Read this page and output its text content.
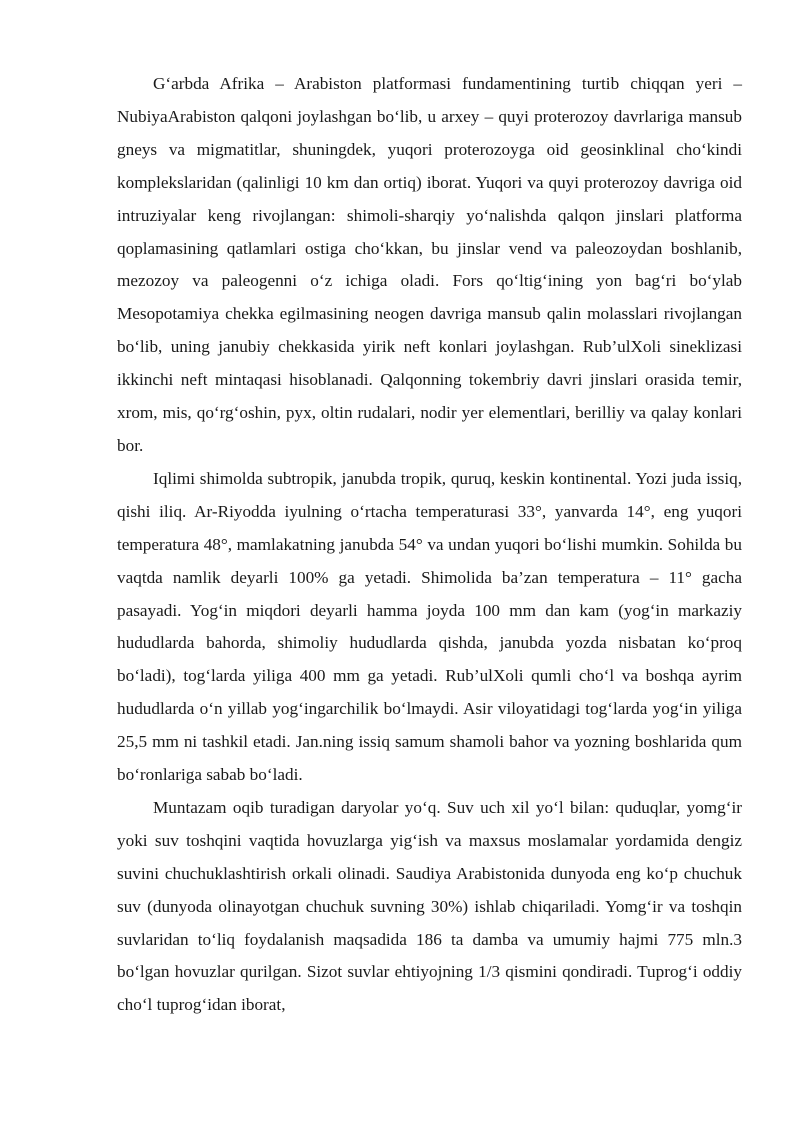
G‘arbda Afrika – Arabiston platformasi fundamentining turtib chiqqan yeri – NubiyaArabiston qalqoni joylashgan bo‘lib, u arxey – quyi proterozoy davrlariga mansub gneys va migmatitlar, shuningdek, yuqori proterozoyga oid geosinklinal cho‘kindi komplekslaridan (qalinligi 10 km dan ortiq) iborat. Yuqori va quyi proterozoy davriga oid intruziyalar keng rivojlangan: shimoli-sharqiy yo‘nalishda qalqon jinslari platforma qoplamasining qatlamlari ostiga cho‘kkan, bu jinslar vend va paleozoydan boshlanib, mezozoy va paleogenni o‘z ichiga oladi. Fors qo‘ltig‘ining yon bag‘ri bo‘ylab Mesopotamiya chekka egilmasining neogen davriga mansub qalin molasslari rivojlangan bo‘lib, uning janubiy chekkasida yirik neft konlari joylashgan. Rub’ulXoli sineklizasi ikkinchi neft mintaqasi hisoblanadi. Qalqonning tokembriy davri jinslari orasida temir, xrom, mis, qo‘rg‘oshin, pyx, oltin rudalari, nodir yer elementlari, berilliy va qalay konlari bor.

Iqlimi shimolda subtropik, janubda tropik, quruq, keskin kontinental. Yozi juda issiq, qishi iliq. Ar-Riyodda iyulning o‘rtacha temperaturasi 33°, yanvarda 14°, eng yuqori temperatura 48°, mamlakatning janubda 54° va undan yuqori bo‘lishi mumkin. Sohilda bu vaqtda namlik deyarli 100% ga yetadi. Shimolida ba’zan temperatura – 11° gacha pasayadi. Yog‘in miqdori deyarli hamma joyda 100 mm dan kam (yog‘in markaziy hududlarda bahorda, shimoliy hududlarda qishda, janubda yozda nisbatan ko‘proq bo‘ladi), tog‘larda yiliga 400 mm ga yetadi. Rub’ulXoli qumli cho‘l va boshqa ayrim hududlarda o‘n yillab yog‘ingarchilik bo‘lmaydi. Asir viloyatidagi tog‘larda yog‘in yiliga 25,5 mm ni tashkil etadi. Jan.ning issiq samum shamoli bahor va yozning boshlarida qum bo‘ronlariga sabab bo‘ladi.

Muntazam oqib turadigan daryolar yo‘q. Suv uch xil yo‘l bilan: quduqlar, yomg‘ir yoki suv toshqini vaqtida hovuzlarga yig‘ish va maxsus moslamalar yordamida dengiz suvini chuchuklashtirish orkali olinadi. Saudiya Arabistonida dunyoda eng ko‘p chuchuk suv (dunyoda olinayotgan chuchuk suvning 30%) ishlab chiqariladi. Yomg‘ir va toshqin suvlaridan to‘liq foydalanish maqsadida 186 ta damba va umumiy hajmi 775 mln.3 bo‘lgan hovuzlar qurilgan. Sizot suvlar ehtiyojning 1/3 qismini qondiradi. Tuprog‘i oddiy cho‘l tuprog‘idan iborat,
